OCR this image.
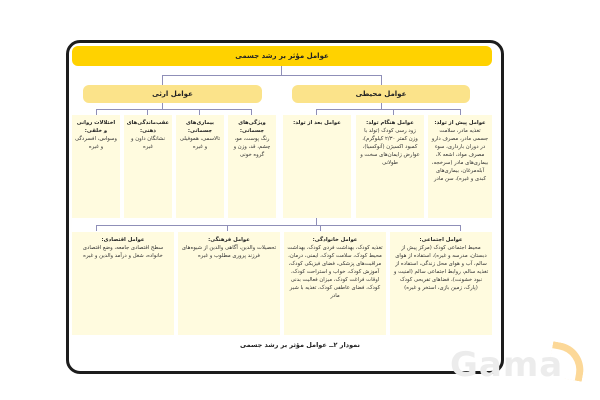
عوامل مؤثر بر رشد جسمی
عوامل ارثی	عوامل محیطی
ویژگی‌های جسمانی:
رنگ پوست، مو، چشم، قد، وزن و گروه خونی
بیماری‌های جسمانی:
تالاسمی، هموفیلی و غیره
عقب‌ماندگی‌های ذهنی:
نشانگان داون و غیره
اختلالات روانی و خلقی:
وسواس، افسردگی و غیره
عوامل پیش از تولد:
تغذیه مادر، سلامت جسمی مادر، مصرف دارو در دوران بارداری، سوء مصرف مواد، اشعه X، بیماری‌های مادر (سرخجه، آبله‌مرغان، بیماری‌های کبدی و غیره)، سن مادر
عوامل هنگام تولد:
زود رسی کودک (تولد با وزن کمتر ۲/۳۰ کیلوگرم)، کمبود اکسیژن (آنوکسیا)، عوارض زایمان‌های سخت و طولانی
عوامل بعد از تولد:
عوامل اجتماعی:
محیط اجتماعی کودک (مرکز پیش از دبستان، مدرسه و غیره)، استفاده از هوای سالم، آب و هوای محل زندگی، استفاده از تغذیه سالم، روابط اجتماعی سالم (امنیت و نبود خشونت)، فضاهای تفریحی کودک (پارک، زمین بازی، استخر و غیره)
عوامل خانوادگی:
تغذیه کودک، بهداشت فردی کودک، بهداشت محیط کودک، سلامت کودک، ایمنی، درمان، مراقبت‌های پزشکی، فضای فیزیکی کودک، آموزش کودک، خواب و استراحت کودک، اوقات فراغت کودک، میزان فعالیت بدنی کودک، فضای عاطفی کودک، تغذیه با شیر مادر
عوامل فرهنگی:
تحصیلات والدین، آگاهی والدین از شیوه‌های فرزند پروری مطلوب و غیره
عوامل اقتصادی:
سطح اقتصادی جامعه، وضع اقتصادی خانواده، شغل و درآمد والدین و غیره
نمودار ۲ــ عوامل مؤثر بر رشد جسمی	Gama
